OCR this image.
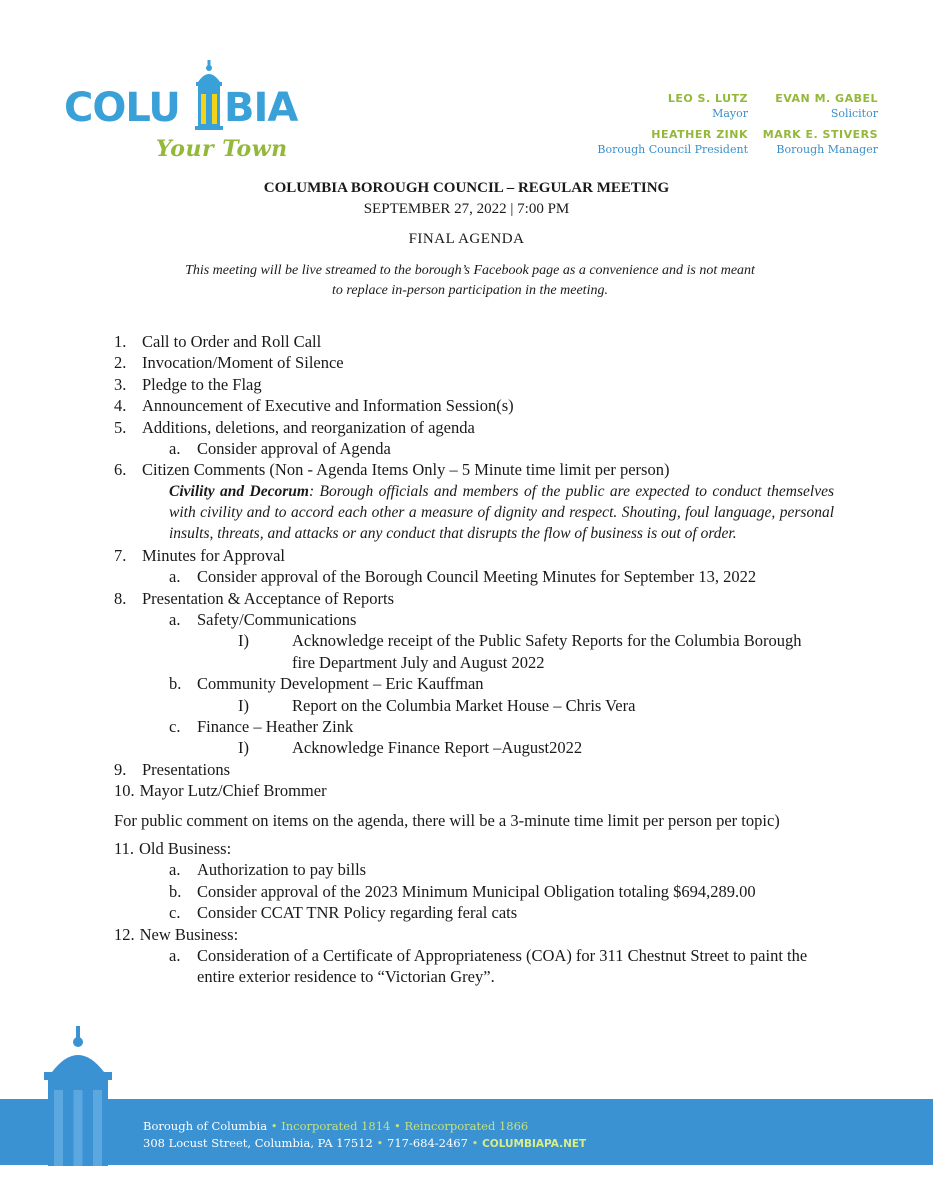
COLU BIA
Your Town
LEO S. LUTZ
Mayor
EVAN M. GABEL
Solicitor
HEATHER ZINK
Borough Council President
MARK E. STIVERS
Borough Manager
COLUMBIA BOROUGH COUNCIL – REGULAR MEETING
SEPTEMBER 27, 2022 | 7:00 PM
FINAL AGENDA
This meeting will be live streamed to the borough’s Facebook page as a convenience and is not meant
to replace in-person participation in the meeting.
1. Call to Order and Roll Call
2. Invocation/Moment of Silence
3. Pledge to the Flag
4. Announcement of Executive and Information Session(s)
5. Additions, deletions, and reorganization of agenda
a.	Consider approval of Agenda
6. Citizen Comments (Non - Agenda Items Only – 5 Minute time limit per person)
Civility and Decorum: Borough officials and members of the public are expected to conduct themselves with civility and to accord each other a measure of dignity and respect. Shouting, foul language, personal insults, threats, and attacks or any conduct that disrupts the flow of business is out of order.
7. Minutes for Approval
a.	Consider approval of the Borough Council Meeting Minutes for September 13, 2022
8. Presentation & Acceptance of Reports
a.	Safety/Communications
I)	Acknowledge receipt of the Public Safety Reports for the Columbia Borough fire Department July and August 2022
b. Community Development – Eric Kauffman
I)	Report on the Columbia Market House – Chris Vera
c.	Finance – Heather Zink
I)	Acknowledge Finance Report –August2022
9. Presentations
10. Mayor Lutz/Chief Brommer
For public comment on items on the agenda, there will be a 3-minute time limit per person per topic)
11. Old Business:
a.	Authorization to pay bills
b. Consider approval of the 2023 Minimum Municipal Obligation totaling $694,289.00
c.	Consider CCAT TNR Policy regarding feral cats
12. New Business:
a.	Consideration of a Certificate of Appropriateness (COA) for 311 Chestnut Street to paint the entire exterior residence to “Victorian Grey”.
Borough of Columbia • Incorporated 1814 • Reincorporated 1866
308 Locust Street, Columbia, PA 17512 • 717-684-2467 • COLUMBIAPA.NET
